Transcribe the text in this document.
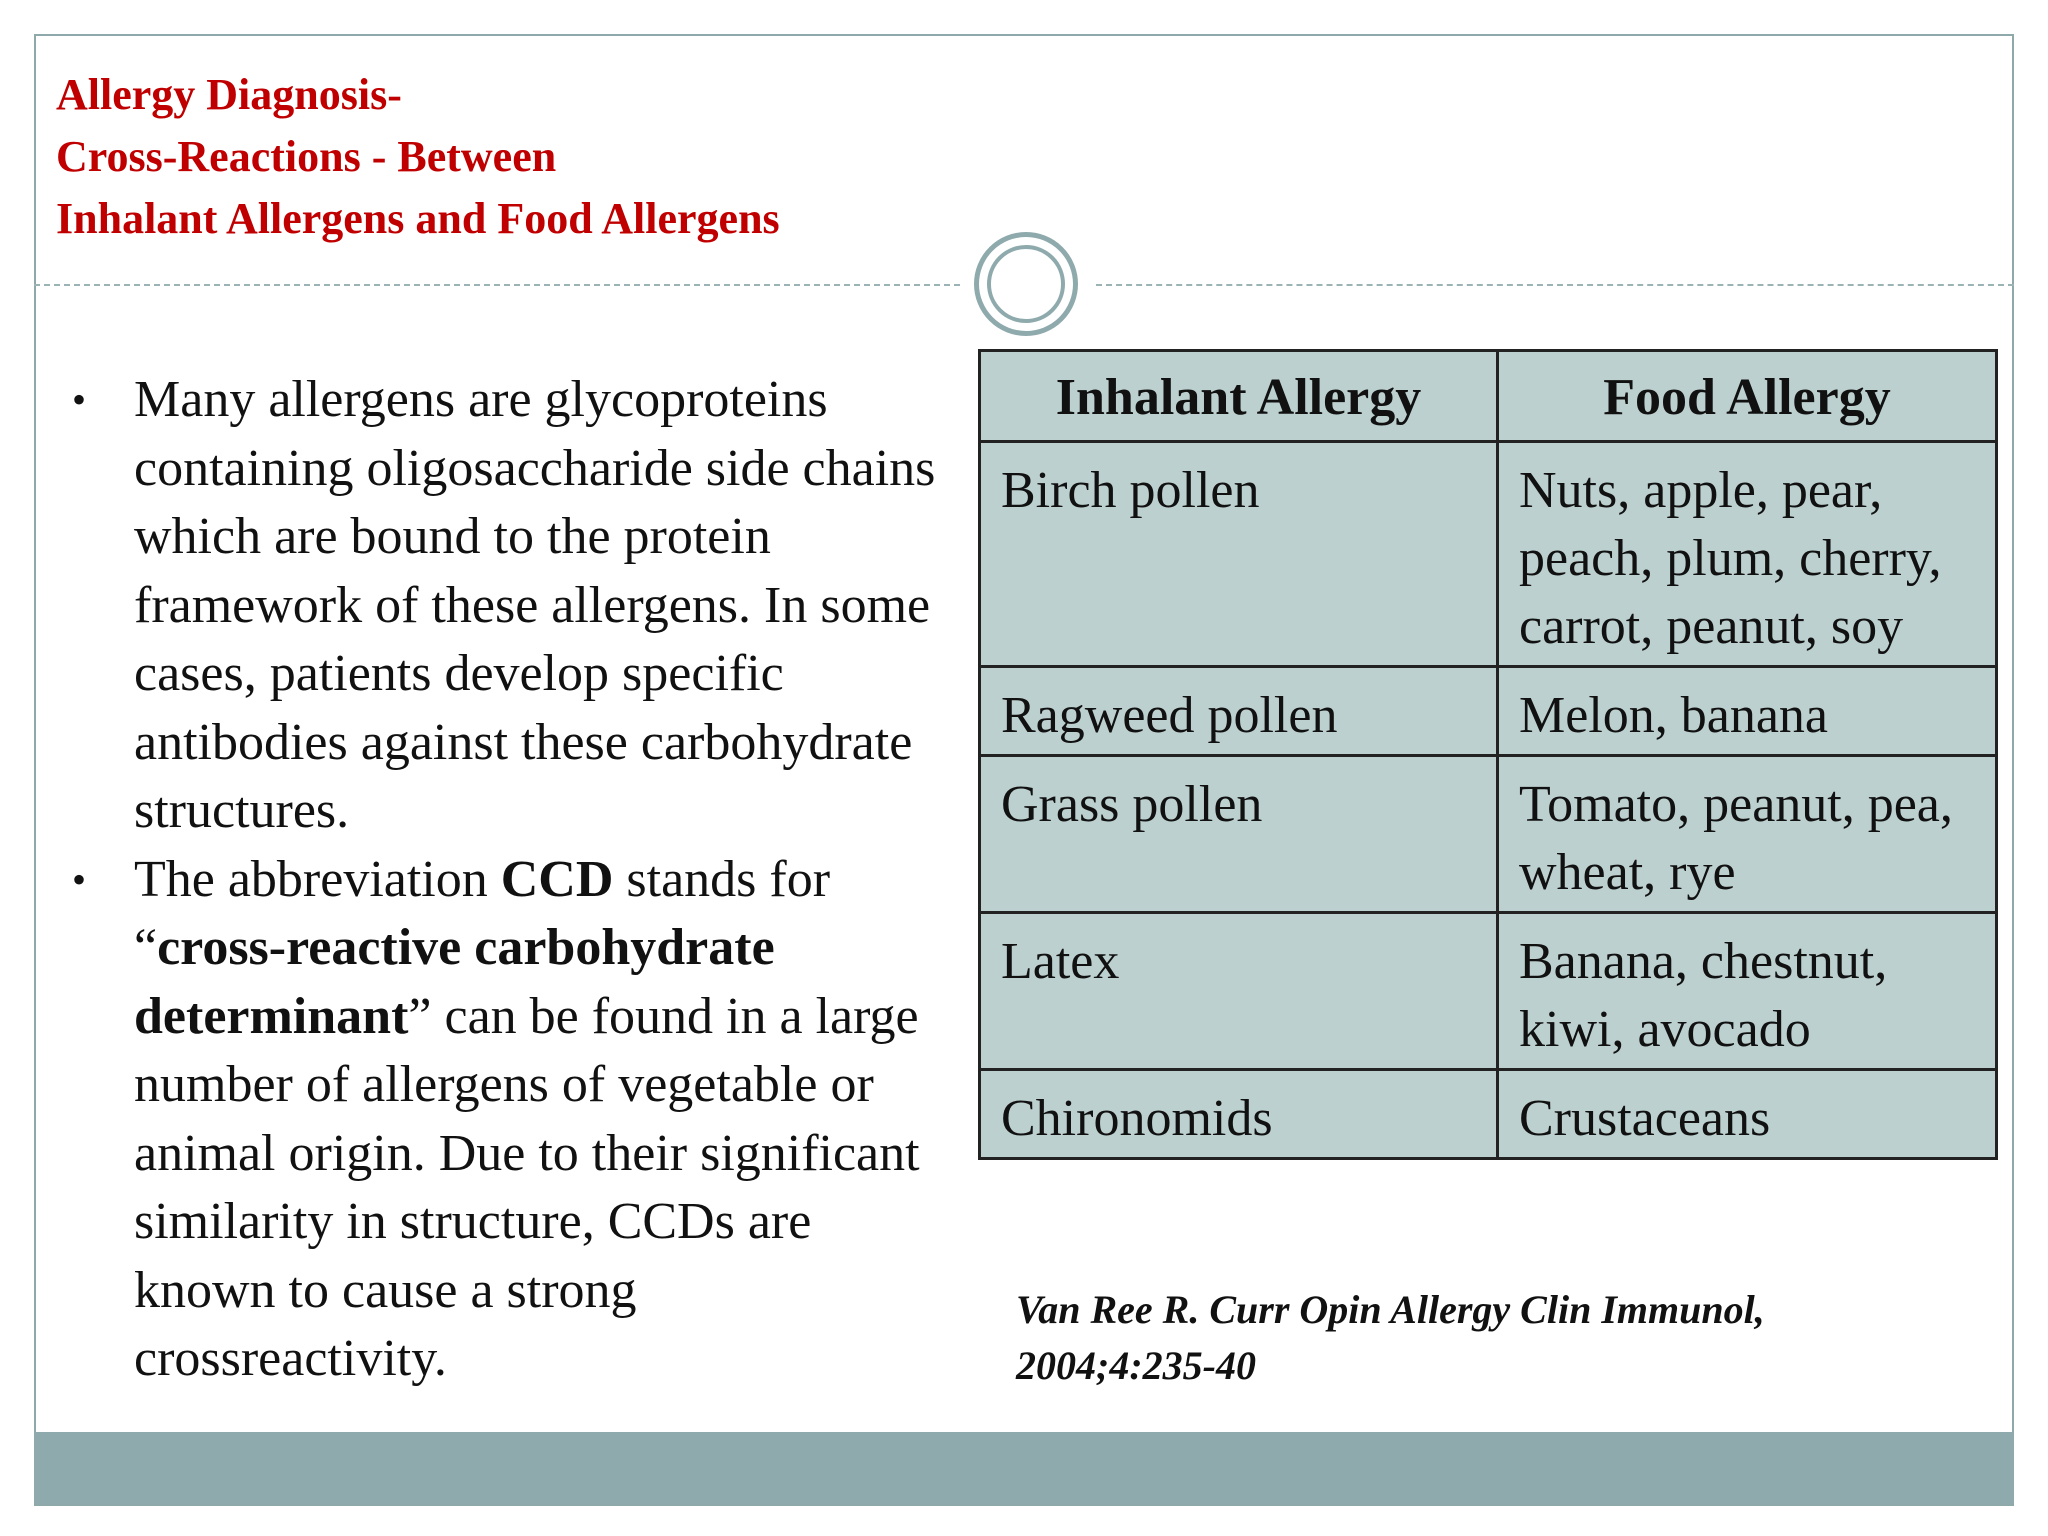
Allergy Diagnosis-
Cross-Reactions - Between
Inhalant Allergens and Food Allergens
• Many allergens are glycoproteins containing oligosaccharide side chains which are bound to the protein framework of these allergens. In some cases, patients develop specific antibodies against these carbohydrate structures.
• The abbreviation CCD stands for “cross-reactive carbohydrate determinant” can be found in a large number of allergens of vegetable or animal origin. Due to their significant similarity in structure, CCDs are known to cause a strong crossreactivity.
Inhalant Allergy	Food Allergy
Birch pollen	Nuts, apple, pear, peach, plum, cherry, carrot, peanut, soy
Ragweed pollen	Melon, banana
Grass pollen	Tomato, peanut, pea, wheat, rye
Latex	Banana, chestnut, kiwi, avocado
Chironomids	Crustaceans
Van Ree R. Curr Opin Allergy Clin Immunol,
2004;4:235-40
